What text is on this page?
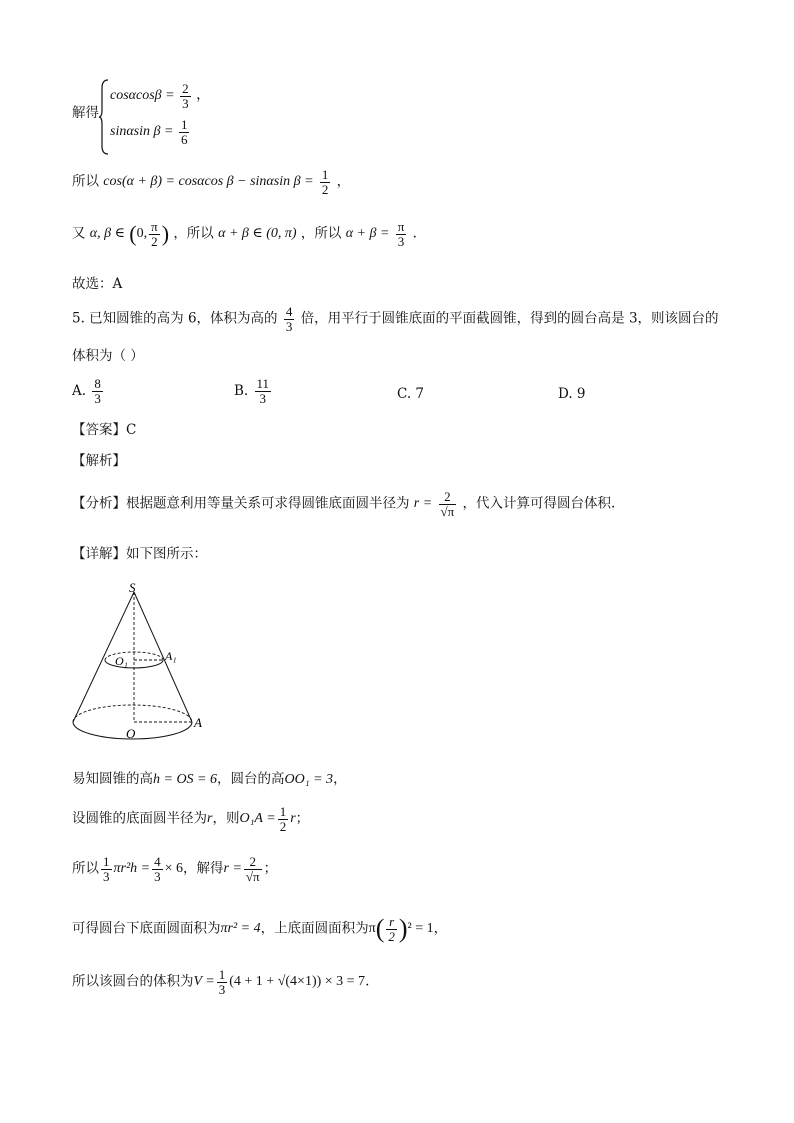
解得
$\cos\alpha\cos\beta = \frac{2}{3}$ ，
sinαsin $\beta = \frac{1}{6}$
所以 cos(α + β) = cosαcos β − sinαsin $\beta = \frac{1}{2}$ ，
又 α, β ∈ (0, $\frac{\pi}{2}$ ) ，所以 α + β ∈ (0, π) ，所以 $\alpha + \beta = \frac{\pi}{3}$ .
故选：A
5. 已知圆锥的高为 6，体积为高的 $\frac{4}{3}$ 倍，用平行于圆锥底面的平面截圆锥，得到的圆台高是 3，则该圆台的
体积为（ ）
A. $\frac{8}{3}$	B. $\frac{11}{3}$	C. 7	D. 9
【答案】C
【解析】
【分析】根据题意利用等量关系可求得圆锥底面圆半径为 $r = \frac{2}{√\pi}$ ，代入计算可得圆台体积.
【详解】如下图所示：
S
O₁	A₁
A
O
易知圆锥的高h = OS = 6，圆台的高OO₁ = 3，
设圆锥的底面圆半径为r，则$O_1A = \frac{1}{2}$ r；
所以 $\frac{1}{3} \pi r^2h = \frac{4}{3} \times 6$，解得$r = \frac{2}{√\pi}$ ；
可得圆台下底面圆面积为πr² = 4，上底面圆面积为$\pi( \frac{r}{2} )^2 = 1$，
所以该圆台的体积为$V = \frac{1}{3} (4 + 1 + √(4\times 1)) \times 3 = 7$.
